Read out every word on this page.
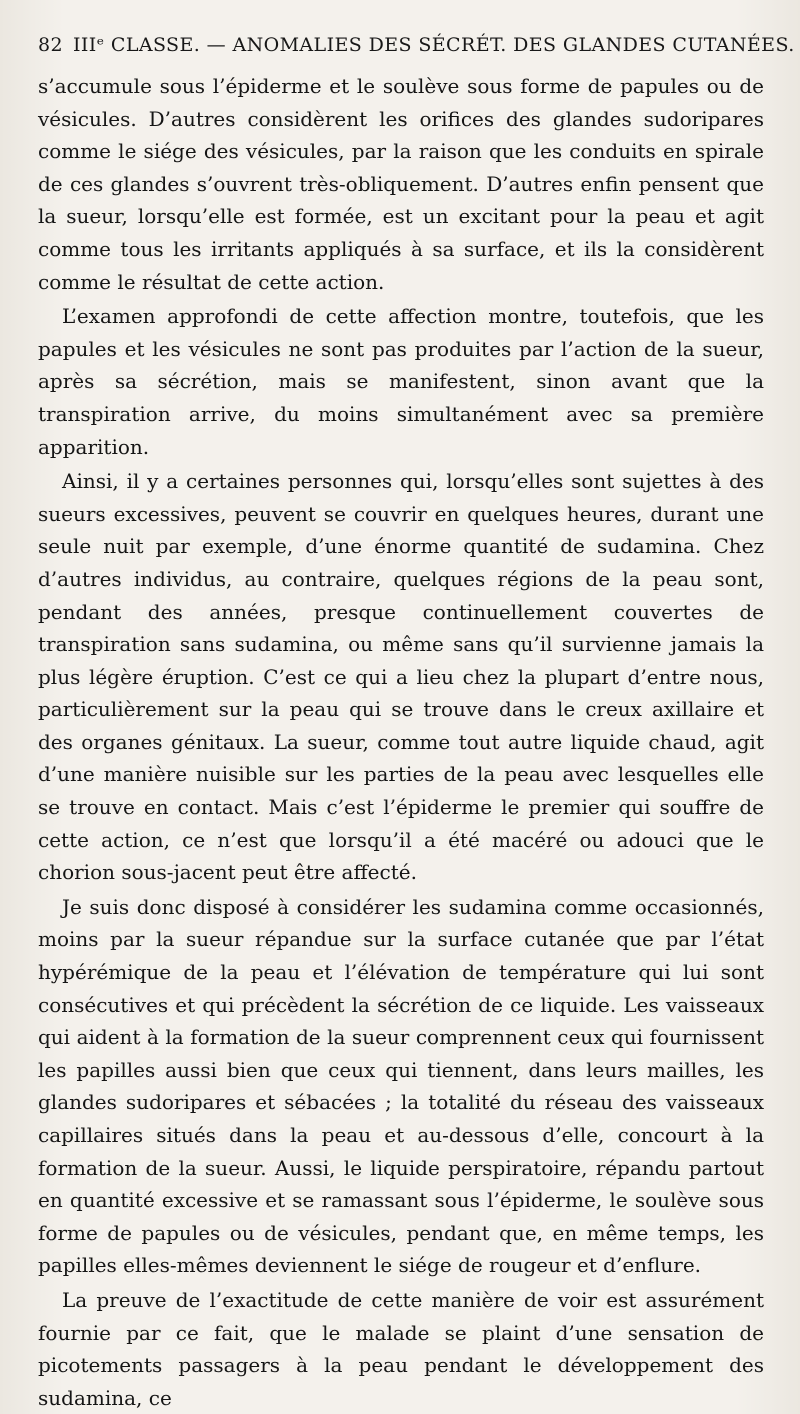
82 IIIᵉ CLASSE. — ANOMALIES DES SÉCRÉT. DES GLANDES CUTANÉES.

s’accumule sous l’épiderme et le soulève sous forme de papules ou de vésicules. D’autres considèrent les orifices des glandes sudoripares comme le siége des vésicules, par la raison que les conduits en spirale de ces glandes s’ouvrent très-obliquement. D’autres enfin pensent que la sueur, lorsqu’elle est formée, est un excitant pour la peau et agit comme tous les irritants appliqués à sa surface, et ils la considèrent comme le résultat de cette action.

L’examen approfondi de cette affection montre, toutefois, que les papules et les vésicules ne sont pas produites par l’action de la sueur, après sa sécrétion, mais se manifestent, sinon avant que la transpiration arrive, du moins simultanément avec sa première apparition.

Ainsi, il y a certaines personnes qui, lorsqu’elles sont sujettes à des sueurs excessives, peuvent se couvrir en quelques heures, durant une seule nuit par exemple, d’une énorme quantité de sudamina. Chez d’autres individus, au contraire, quelques régions de la peau sont, pendant des années, presque continuellement couvertes de transpiration sans sudamina, ou même sans qu’il survienne jamais la plus légère éruption. C’est ce qui a lieu chez la plupart d’entre nous, particulièrement sur la peau qui se trouve dans le creux axillaire et des organes génitaux. La sueur, comme tout autre liquide chaud, agit d’une manière nuisible sur les parties de la peau avec lesquelles elle se trouve en contact. Mais c’est l’épiderme le premier qui souffre de cette action, ce n’est que lorsqu’il a été macéré ou adouci que le chorion sous-jacent peut être affecté.

Je suis donc disposé à considérer les sudamina comme occasionnés, moins par la sueur répandue sur la surface cutanée que par l’état hypérémique de la peau et l’élévation de température qui lui sont consécutives et qui précèdent la sécrétion de ce liquide. Les vaisseaux qui aident à la formation de la sueur comprennent ceux qui fournissent les papilles aussi bien que ceux qui tiennent, dans leurs mailles, les glandes sudoripares et sébacées ; la totalité du réseau des vaisseaux capillaires situés dans la peau et au-dessous d’elle, concourt à la formation de la sueur. Aussi, le liquide perspiratoire, répandu partout en quantité excessive et se ramassant sous l’épiderme, le soulève sous forme de papules ou de vésicules, pendant que, en même temps, les papilles elles-mêmes deviennent le siége de rougeur et d’enflure.

La preuve de l’exactitude de cette manière de voir est assurément fournie par ce fait, que le malade se plaint d’une sensation de picotements passagers à la peau pendant le développement des sudamina, ce
